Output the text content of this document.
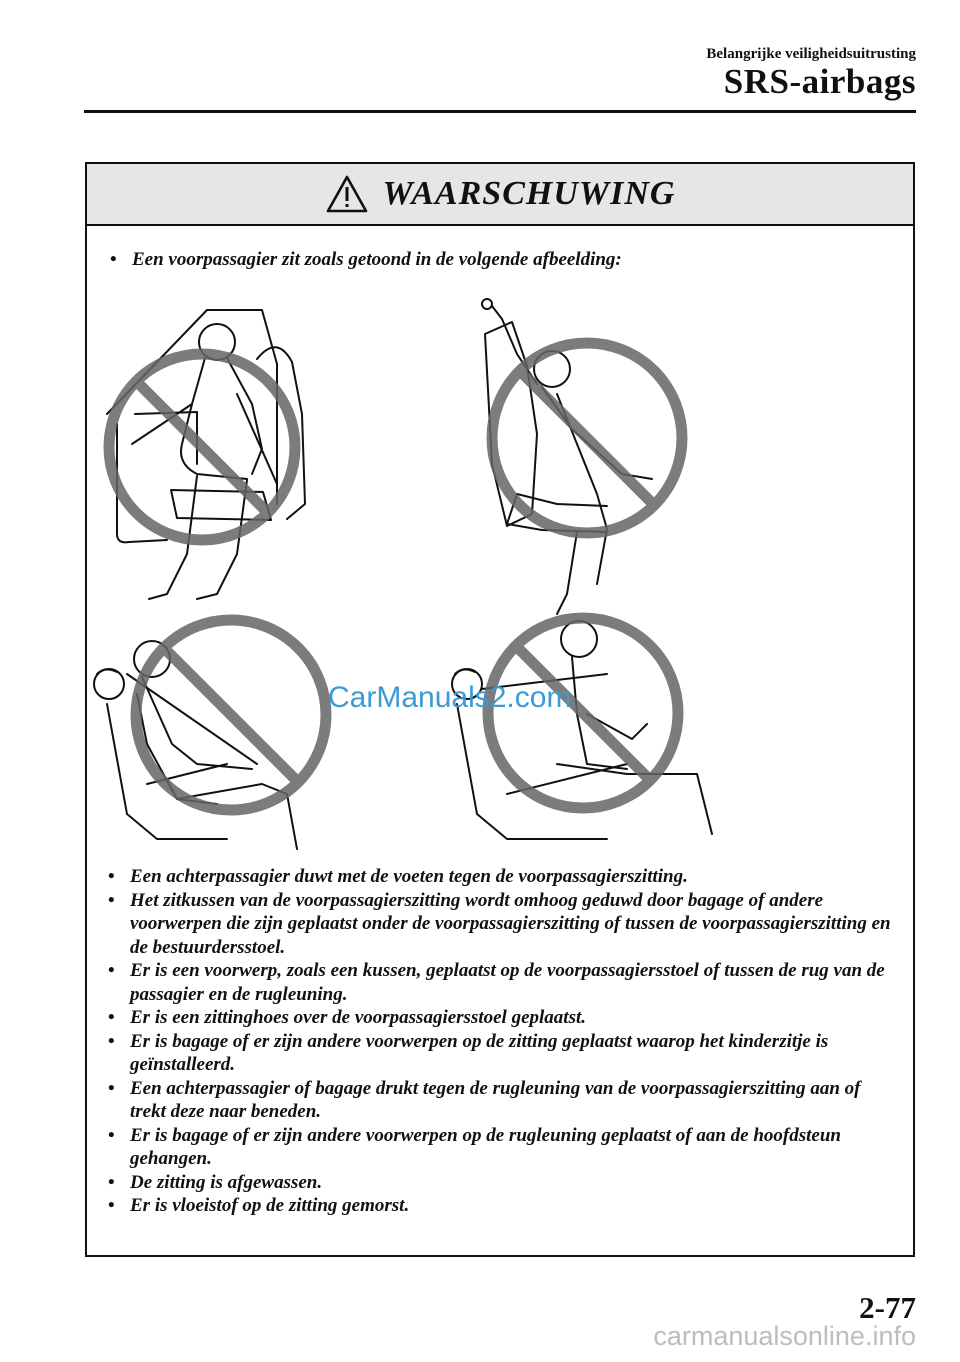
Belangrijke veiligheidsuitrusting
SRS-airbags
WAARSCHUWING
• Een voorpassagier zit zoals getoond in de volgende afbeelding:
CarManuals2.com
• Een achterpassagier duwt met de voeten tegen de voorpassagierszitting.
• Het zitkussen van de voorpassagierszitting wordt omhoog geduwd door bagage of andere voorwerpen die zijn geplaatst onder de voorpassagierszitting of tussen de voorpassagierszitting en de bestuurdersstoel.
• Er is een voorwerp, zoals een kussen, geplaatst op de voorpassagiersstoel of tussen de rug van de passagier en de rugleuning.
• Er is een zittinghoes over de voorpassagiersstoel geplaatst.
• Er is bagage of er zijn andere voorwerpen op de zitting geplaatst waarop het kinderzitje is geïnstalleerd.
• Een achterpassagier of bagage drukt tegen de rugleuning van de voorpassagierszitting aan of trekt deze naar beneden.
• Er is bagage of er zijn andere voorwerpen op de rugleuning geplaatst of aan de hoofdsteun gehangen.
• De zitting is afgewassen.
• Er is vloeistof op de zitting gemorst.
2-77
carmanualsonline.info
